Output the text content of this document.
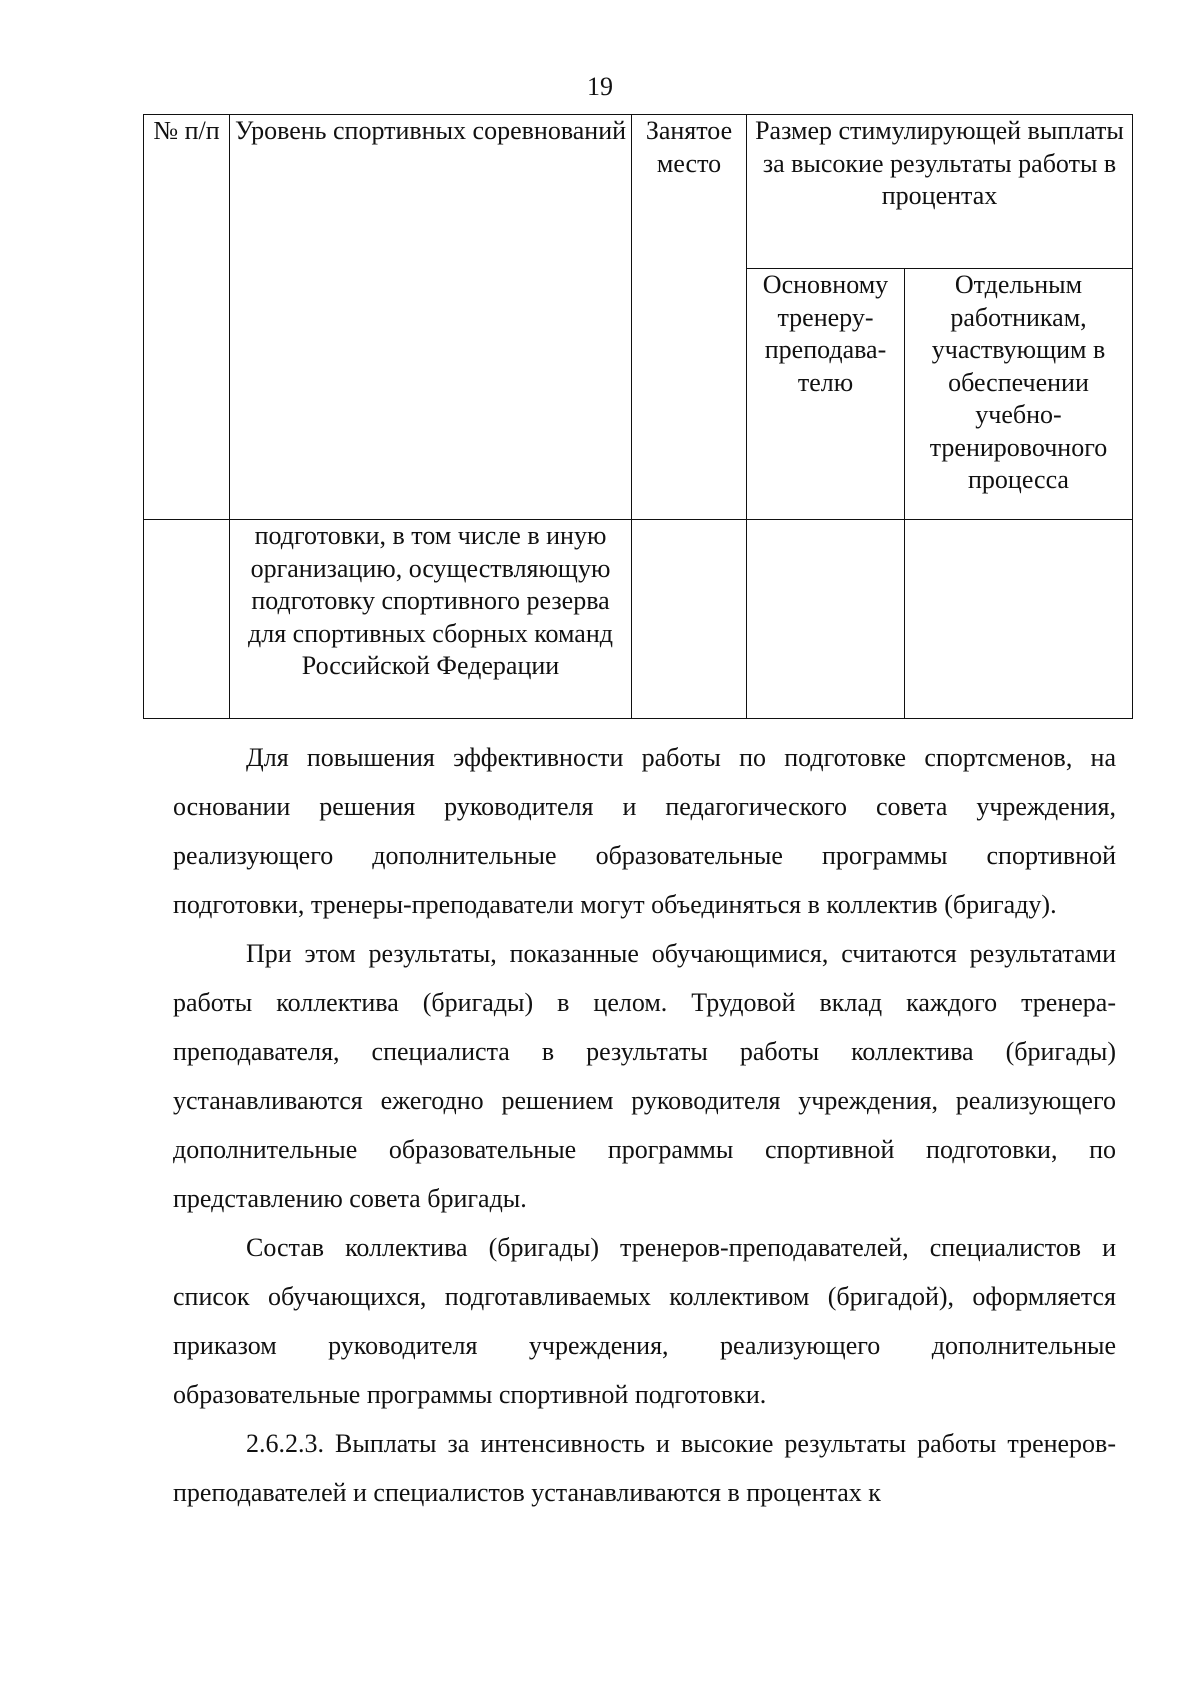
19
№ п/п	Уровень спортивных соревнований	Занятое место	Размер стимулирующей выплаты за высокие результаты работы в процентах	
			Основному тренеру-преподава-телю	Отдельным работникам, участвующим в обеспечении учебно-тренировочного процесса
	подготовки, в том числе в иную организацию, осуществляющую подготовку спортивного резерва для спортивных сборных команд Российской Федерации			

Для повышения эффективности работы по подготовке спортсменов, на основании решения руководителя и педагогического совета учреждения, реализующего дополнительные образовательные программы спортивной подготовки, тренеры-преподаватели могут объединяться в коллектив (бригаду).

При этом результаты, показанные обучающимися, считаются результатами работы коллектива (бригады) в целом. Трудовой вклад каждого тренера-преподавателя, специалиста в результаты работы коллектива (бригады) устанавливаются ежегодно решением руководителя учреждения, реализующего дополнительные образовательные программы спортивной подготовки, по представлению совета бригады.

Состав коллектива (бригады) тренеров-преподавателей, специалистов и список обучающихся, подготавливаемых коллективом (бригадой), оформляется приказом руководителя учреждения, реализующего дополнительные образовательные программы спортивной подготовки.

2.6.2.3. Выплаты за интенсивность и высокие результаты работы тренеров-преподавателей и специалистов устанавливаются в процентах к
